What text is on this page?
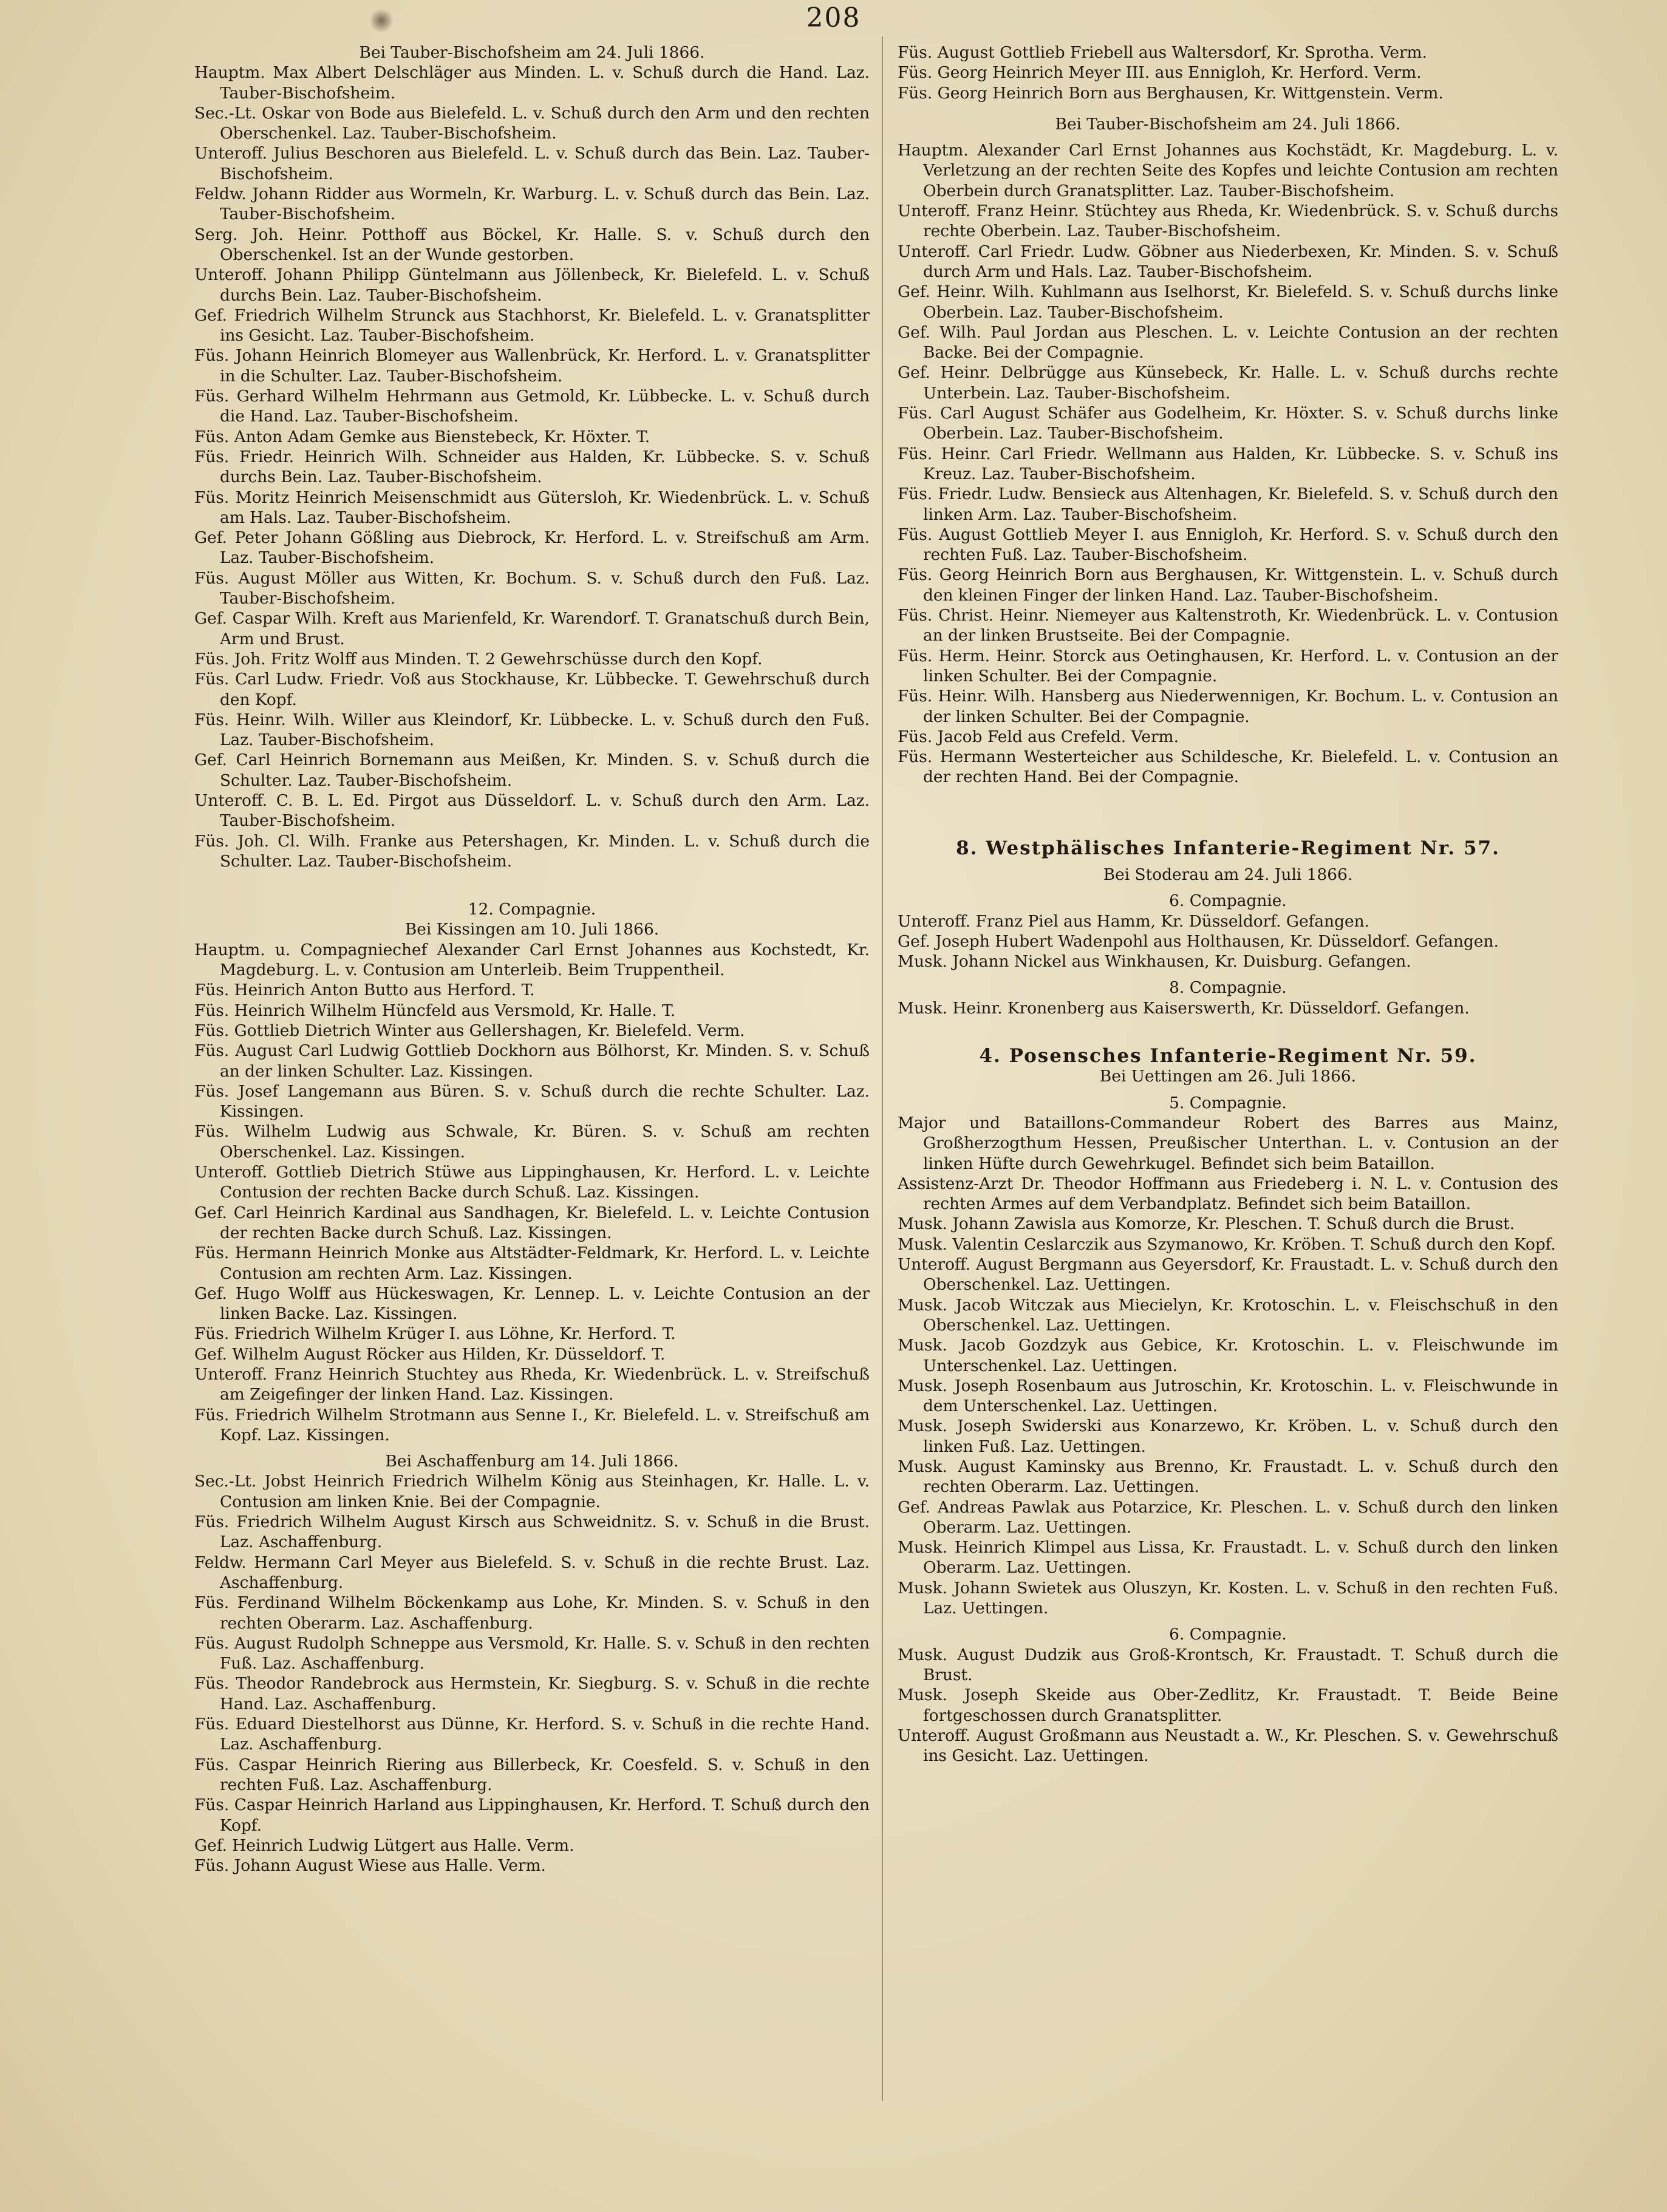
208
Bei Tauber-Bischofsheim am 24. Juli 1866.
Hauptm. Max Albert Delschläger aus Minden. L. v. Schuß durch die Hand. Laz. Tauber-Bischofsheim.
Sec.-Lt. Oskar von Bode aus Bielefeld. L. v. Schuß durch den Arm und den rechten Oberschenkel. Laz. Tauber-Bischofsheim.
Unteroff. Julius Beschoren aus Bielefeld. L. v. Schuß durch das Bein. Laz. Tauber-Bischofsheim.
Feldw. Johann Ridder aus Wormeln, Kr. Warburg. L. v. Schuß durch das Bein. Laz. Tauber-Bischofsheim.
Serg. Joh. Heinr. Potthoff aus Böckel, Kr. Halle. S. v. Schuß durch den Oberschenkel. Ist an der Wunde gestorben.
Unteroff. Johann Philipp Güntelmann aus Jöllenbeck, Kr. Bielefeld. L. v. Schuß durchs Bein. Laz. Tauber-Bischofsheim.
Gef. Friedrich Wilhelm Strunck aus Stachhorst, Kr. Bielefeld. L. v. Granatsplitter ins Gesicht. Laz. Tauber-Bischofsheim.
Füs. Johann Heinrich Blomeyer aus Wallenbrück, Kr. Herford. L. v. Granatsplitter in die Schulter. Laz. Tauber-Bischofsheim.
Füs. Gerhard Wilhelm Hehrmann aus Getmold, Kr. Lübbecke. L. v. Schuß durch die Hand. Laz. Tauber-Bischofsheim.
Füs. Anton Adam Gemke aus Bienstebeck, Kr. Höxter. T.
Füs. Friedr. Heinrich Wilh. Schneider aus Halden, Kr. Lübbecke. S. v. Schuß durchs Bein. Laz. Tauber-Bischofsheim.
Füs. Moritz Heinrich Meisenschmidt aus Gütersloh, Kr. Wiedenbrück. L. v. Schuß am Hals. Laz. Tauber-Bischofsheim.
Gef. Peter Johann Gößling aus Diebrock, Kr. Herford. L. v. Streifschuß am Arm. Laz. Tauber-Bischofsheim.
Füs. August Möller aus Witten, Kr. Bochum. S. v. Schuß durch den Fuß. Laz. Tauber-Bischofsheim.
Gef. Caspar Wilh. Kreft aus Marienfeld, Kr. Warendorf. T. Granatschuß durch Bein, Arm und Brust.
Füs. Joh. Fritz Wolff aus Minden. T. 2 Gewehrschüsse durch den Kopf.
Füs. Carl Ludw. Friedr. Voß aus Stockhause, Kr. Lübbecke. T. Gewehrschuß durch den Kopf.
Füs. Heinr. Wilh. Willer aus Kleindorf, Kr. Lübbecke. L. v. Schuß durch den Fuß. Laz. Tauber-Bischofsheim.
Gef. Carl Heinrich Bornemann aus Meißen, Kr. Minden. S. v. Schuß durch die Schulter. Laz. Tauber-Bischofsheim.
Unteroff. C. B. L. Ed. Pirgot aus Düsseldorf. L. v. Schuß durch den Arm. Laz. Tauber-Bischofsheim.
Füs. Joh. Cl. Wilh. Franke aus Petershagen, Kr. Minden. L. v. Schuß durch die Schulter. Laz. Tauber-Bischofsheim.
12. Compagnie.
Bei Kissingen am 10. Juli 1866.
Hauptm. u. Compagniechef Alexander Carl Ernst Johannes aus Kochstedt, Kr. Magdeburg. L. v. Contusion am Unterleib. Beim Truppentheil.
Füs. Heinrich Anton Butto aus Herford. T.
Füs. Heinrich Wilhelm Hüncfeld aus Versmold, Kr. Halle. T.
Füs. Gottlieb Dietrich Winter aus Gellershagen, Kr. Bielefeld. Verm.
Füs. August Carl Ludwig Gottlieb Dockhorn aus Bölhorst, Kr. Minden. S. v. Schuß an der linken Schulter. Laz. Kissingen.
Füs. Josef Langemann aus Büren. S. v. Schuß durch die rechte Schulter. Laz. Kissingen.
Füs. Wilhelm Ludwig aus Schwale, Kr. Büren. S. v. Schuß am rechten Oberschenkel. Laz. Kissingen.
Unteroff. Gottlieb Dietrich Stüwe aus Lippinghausen, Kr. Herford. L. v. Leichte Contusion der rechten Backe durch Schuß. Laz. Kissingen.
Gef. Carl Heinrich Kardinal aus Sandhagen, Kr. Bielefeld. L. v. Leichte Contusion der rechten Backe durch Schuß. Laz. Kissingen.
Füs. Hermann Heinrich Monke aus Altstädter-Feldmark, Kr. Herford. L. v. Leichte Contusion am rechten Arm. Laz. Kissingen.
Gef. Hugo Wolff aus Hückeswagen, Kr. Lennep. L. v. Leichte Contusion an der linken Backe. Laz. Kissingen.
Füs. Friedrich Wilhelm Krüger I. aus Löhne, Kr. Herford. T.
Gef. Wilhelm August Röcker aus Hilden, Kr. Düsseldorf. T.
Unteroff. Franz Heinrich Stuchtey aus Rheda, Kr. Wiedenbrück. L. v. Streifschuß am Zeigefinger der linken Hand. Laz. Kissingen.
Füs. Friedrich Wilhelm Strotmann aus Senne I., Kr. Bielefeld. L. v. Streifschuß am Kopf. Laz. Kissingen.
Bei Aschaffenburg am 14. Juli 1866.
Sec.-Lt. Jobst Heinrich Friedrich Wilhelm König aus Steinhagen, Kr. Halle. L. v. Contusion am linken Knie. Bei der Compagnie.
Füs. Friedrich Wilhelm August Kirsch aus Schweidnitz. S. v. Schuß in die Brust. Laz. Aschaffenburg.
Feldw. Hermann Carl Meyer aus Bielefeld. S. v. Schuß in die rechte Brust. Laz. Aschaffenburg.
Füs. Ferdinand Wilhelm Böckenkamp aus Lohe, Kr. Minden. S. v. Schuß in den rechten Oberarm. Laz. Aschaffenburg.
Füs. August Rudolph Schneppe aus Versmold, Kr. Halle. S. v. Schuß in den rechten Fuß. Laz. Aschaffenburg.
Füs. Theodor Randebrock aus Hermstein, Kr. Siegburg. S. v. Schuß in die rechte Hand. Laz. Aschaffenburg.
Füs. Eduard Diestelhorst aus Dünne, Kr. Herford. S. v. Schuß in die rechte Hand. Laz. Aschaffenburg.
Füs. Caspar Heinrich Riering aus Billerbeck, Kr. Coesfeld. S. v. Schuß in den rechten Fuß. Laz. Aschaffenburg.
Füs. Caspar Heinrich Harland aus Lippinghausen, Kr. Herford. T. Schuß durch den Kopf.
Gef. Heinrich Ludwig Lütgert aus Halle. Verm.
Füs. Johann August Wiese aus Halle. Verm.
Füs. August Gottlieb Friebell aus Waltersdorf, Kr. Sprotha. Verm.
Füs. Georg Heinrich Meyer III. aus Ennigloh, Kr. Herford. Verm.
Füs. Georg Heinrich Born aus Berghausen, Kr. Wittgenstein. Verm.
Bei Tauber-Bischofsheim am 24. Juli 1866.
Hauptm. Alexander Carl Ernst Johannes aus Kochstädt, Kr. Magdeburg. L. v. Verletzung an der rechten Seite des Kopfes und leichte Contusion am rechten Oberbein durch Granatsplitter. Laz. Tauber-Bischofsheim.
Unteroff. Franz Heinr. Stüchtey aus Rheda, Kr. Wiedenbrück. S. v. Schuß durchs rechte Oberbein. Laz. Tauber-Bischofsheim.
Unteroff. Carl Friedr. Ludw. Göbner aus Niederbexen, Kr. Minden. S. v. Schuß durch Arm und Hals. Laz. Tauber-Bischofsheim.
Gef. Heinr. Wilh. Kuhlmann aus Iselhorst, Kr. Bielefeld. S. v. Schuß durchs linke Oberbein. Laz. Tauber-Bischofsheim.
Gef. Wilh. Paul Jordan aus Pleschen. L. v. Leichte Contusion an der rechten Backe. Bei der Compagnie.
Gef. Heinr. Delbrügge aus Künsebeck, Kr. Halle. L. v. Schuß durchs rechte Unterbein. Laz. Tauber-Bischofsheim.
Füs. Carl August Schäfer aus Godelheim, Kr. Höxter. S. v. Schuß durchs linke Oberbein. Laz. Tauber-Bischofsheim.
Füs. Heinr. Carl Friedr. Wellmann aus Halden, Kr. Lübbecke. S. v. Schuß ins Kreuz. Laz. Tauber-Bischofsheim.
Füs. Friedr. Ludw. Bensieck aus Altenhagen, Kr. Bielefeld. S. v. Schuß durch den linken Arm. Laz. Tauber-Bischofsheim.
Füs. August Gottlieb Meyer I. aus Ennigloh, Kr. Herford. S. v. Schuß durch den rechten Fuß. Laz. Tauber-Bischofsheim.
Füs. Georg Heinrich Born aus Berghausen, Kr. Wittgenstein. L. v. Schuß durch den kleinen Finger der linken Hand. Laz. Tauber-Bischofsheim.
Füs. Christ. Heinr. Niemeyer aus Kaltenstroth, Kr. Wiedenbrück. L. v. Contusion an der linken Brustseite. Bei der Compagnie.
Füs. Herm. Heinr. Storck aus Oetinghausen, Kr. Herford. L. v. Contusion an der linken Schulter. Bei der Compagnie.
Füs. Heinr. Wilh. Hansberg aus Niederwennigen, Kr. Bochum. L. v. Contusion an der linken Schulter. Bei der Compagnie.
Füs. Jacob Feld aus Crefeld. Verm.
Füs. Hermann Westerteicher aus Schildesche, Kr. Bielefeld. L. v. Contusion an der rechten Hand. Bei der Compagnie.
8. Westphälisches Infanterie-Regiment Nr. 57.
Bei Stoderau am 24. Juli 1866.
6. Compagnie.
Unteroff. Franz Piel aus Hamm, Kr. Düsseldorf. Gefangen.
Gef. Joseph Hubert Wadenpohl aus Holthausen, Kr. Düsseldorf. Gefangen.
Musk. Johann Nickel aus Winkhausen, Kr. Duisburg. Gefangen.
8. Compagnie.
Musk. Heinr. Kronenberg aus Kaiserswerth, Kr. Düsseldorf. Gefangen.
4. Posensches Infanterie-Regiment Nr. 59.
Bei Uettingen am 26. Juli 1866.
5. Compagnie.
Major und Bataillons-Commandeur Robert des Barres aus Mainz, Großherzogthum Hessen, Preußischer Unterthan. L. v. Contusion an der linken Hüfte durch Gewehrkugel. Befindet sich beim Bataillon.
Assistenz-Arzt Dr. Theodor Hoffmann aus Friedeberg i. N. L. v. Contusion des rechten Armes auf dem Verbandplatz. Befindet sich beim Bataillon.
Musk. Johann Zawisla aus Komorze, Kr. Pleschen. T. Schuß durch die Brust.
Musk. Valentin Ceslarczik aus Szymanowo, Kr. Kröben. T. Schuß durch den Kopf.
Unteroff. August Bergmann aus Geyersdorf, Kr. Fraustadt. L. v. Schuß durch den Oberschenkel. Laz. Uettingen.
Musk. Jacob Witczak aus Miecielyn, Kr. Krotoschin. L. v. Fleischschuß in den Oberschenkel. Laz. Uettingen.
Musk. Jacob Gozdzyk aus Gebice, Kr. Krotoschin. L. v. Fleischwunde im Unterschenkel. Laz. Uettingen.
Musk. Joseph Rosenbaum aus Jutroschin, Kr. Krotoschin. L. v. Fleischwunde in dem Unterschenkel. Laz. Uettingen.
Musk. Joseph Swiderski aus Konarzewo, Kr. Kröben. L. v. Schuß durch den linken Fuß. Laz. Uettingen.
Musk. August Kaminsky aus Brenno, Kr. Fraustadt. L. v. Schuß durch den rechten Oberarm. Laz. Uettingen.
Gef. Andreas Pawlak aus Potarzice, Kr. Pleschen. L. v. Schuß durch den linken Oberarm. Laz. Uettingen.
Musk. Heinrich Klimpel aus Lissa, Kr. Fraustadt. L. v. Schuß durch den linken Oberarm. Laz. Uettingen.
Musk. Johann Swietek aus Oluszyn, Kr. Kosten. L. v. Schuß in den rechten Fuß. Laz. Uettingen.
6. Compagnie.
Musk. August Dudzik aus Groß-Krontsch, Kr. Fraustadt. T. Schuß durch die Brust.
Musk. Joseph Skeide aus Ober-Zedlitz, Kr. Fraustadt. T. Beide Beine fortgeschossen durch Granatsplitter.
Unteroff. August Großmann aus Neustadt a. W., Kr. Pleschen. S. v. Gewehrschuß ins Gesicht. Laz. Uettingen.
